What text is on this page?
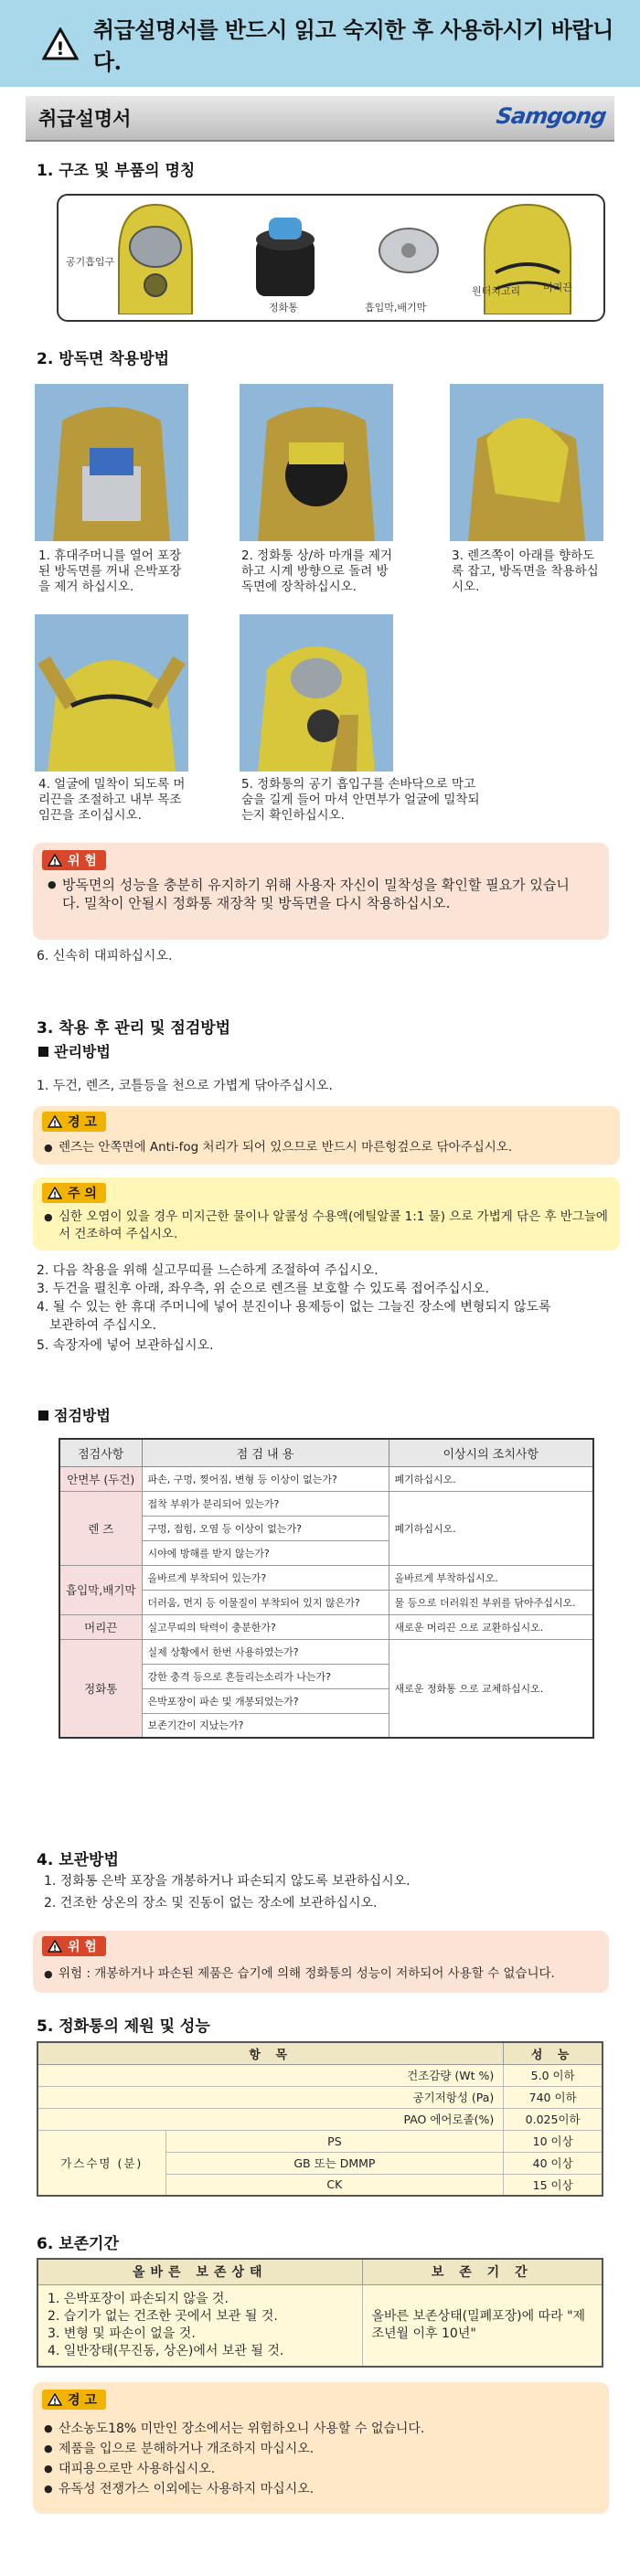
!
취급설명서를 반드시 읽고 숙지한 후 사용하시기 바랍니다.
취급설명서	Samgong
1. 구조 및 부품의 명칭
공기흡입구
정화통	흡입막,배기막
원터치고리 머리끈
2. 방독면 착용방법
1. 휴대주머니를 열어 포장된 방독면를 꺼내 은박포장을 제거 하십시오.
2. 정화통 상/하 마개를 제거하고 시계 방향으로 돌려 방독면에 장착하십시오.
3. 렌즈쪽이 아래를 향하도록 잡고, 방독면을 착용하십시오.
4. 얼굴에 밀착이 되도록 머리끈을 조절하고 내부 목조임끈을 조이십시오.
5. 정화통의 공기 흡입구를 손바닥으로 막고 숨을 길게 들어 마셔 안면부가 얼굴에 밀착되는지 확인하십시오.
! 위 험
● 방독면의 성능을 충분히 유지하기 위해 사용자 자신이 밀착성을 확인할 필요가 있습니다. 밀착이 안될시 정화통 재장착 및 방독면을 다시 착용하십시오.
6. 신속히 대피하십시오.
3. 착용 후 관리 및 점검방법
관리방법
1. 두건, 렌즈, 코틀등을 천으로 가볍게 닦아주십시오.
! 경 고
● 렌즈는 안쪽면에 Anti-fog 처리가 되어 있으므로 반드시 마른헝겊으로 닦아주십시오.
! 주 의
● 심한 오염이 있을 경우 미지근한 물이나 알콜성 수용액(에틸알콜 1:1 물) 으로 가볍게 닦은 후 반그늘에서 건조하여 주십시오.
2. 다음 착용을 위해 실고무띠를 느슨하게 조절하여 주십시오.
3. 두건을 펼친후 아래, 좌우측, 위 순으로 렌즈를 보호할 수 있도록 접어주십시오.
4. 될 수 있는 한 휴대 주머니에 넣어 분진이나 용제등이 없는 그늘진 장소에 변형되지 않도록 보관하여 주십시오.
5. 속장자에 넣어 보관하십시오.
점검방법
점검사항	점 검 내 용	이상시의 조치사항
안면부 (두건)	파손, 구멍, 찢어짐, 변형 등 이상이 없는가?	폐기하십시오.
렌 즈	접착 부위가 분리되어 있는가?	폐기하십시오.
	구멍, 접힘, 오염 등 이상이 없는가?	
	시야에 방해를 받지 않는가?	
흡입막,배기막	올바르게 부착되어 있는가?	올바르게 부착하십시오.
	더러움, 먼지 등 이물질이 부착되어 있지 않은가?	물 등으로 더러워진 부위를 닦아주십시오.
머리끈	실고무띠의 탁력이 충분한가?	새로운 머리끈 으로 교환하십시오.
정화통	실제 상황에서 한번 사용하였는가?	새로운 정화통 으로 교체하십시오.
	강한 충격 등으로 흔들리는소리가 나는가?	
	은박포장이 파손 및 개봉되었는가?	
	보존기간이 지났는가?	
4. 보관방법
1. 정화통 은박 포장을 개봉하거나 파손되지 않도록 보관하십시오.
2. 건조한 상온의 장소 및 진동이 없는 장소에 보관하십시오.
! 위 험
● 위험 : 개봉하거나 파손된 제품은 습기에 의해 정화통의 성능이 저하되어 사용할 수 없습니다.
5. 정화통의 제원 및 성능
항 목		성 능
건조감량 (Wt %)		5.0 이하
공기저항성 (Pa)		740 이하
PAO 에어로졸(%)		0.025이하
가스수명 (분)	PS	10 이상
	GB 또는 DMMP	40 이상
	CK	15 이상
6. 보존기간
올바른 보존상태	보 존 기 간

1. 은박포장이 파손되지 않을 것.
2. 습기가 없는 건조한 곳에서 보관 될 것.
3. 변형 및 파손이 없을 것.
4. 일반장태(무진동, 상온)에서 보관 될 것.	올바른 보존상태(밀폐포장)에 따라 "제조년월 이후 10년"
! 경 고
● 산소농도18% 미만인 장소에서는 위험하오니 사용할 수 없습니다.
● 제품을 입으로 분해하거나 개조하지 마십시오.
● 대피용으로만 사용하십시오.
● 유독성 전쟁가스 이외에는 사용하지 마십시오.
